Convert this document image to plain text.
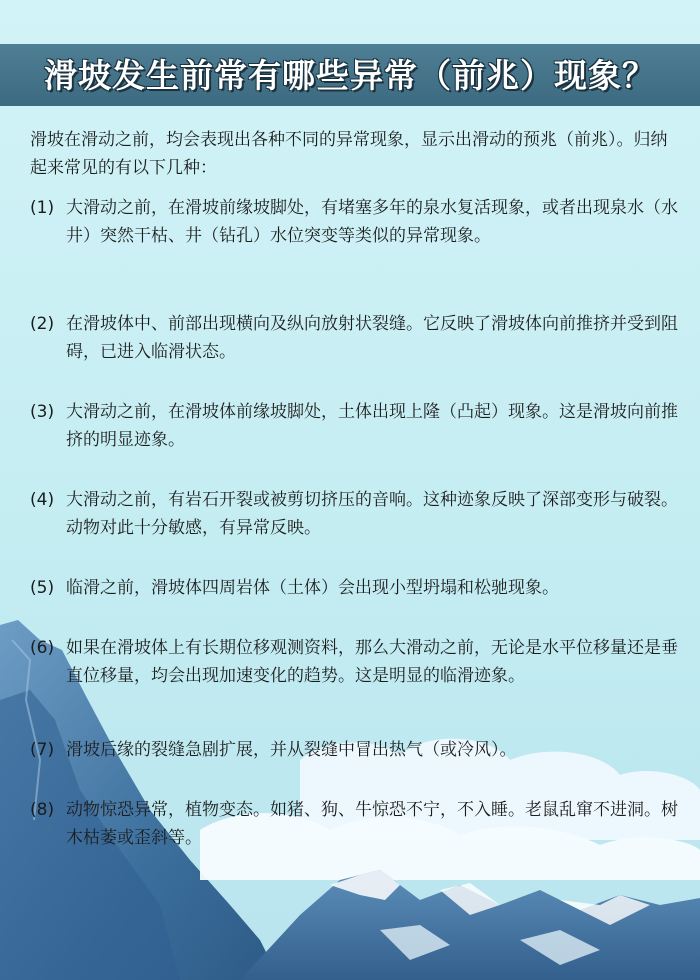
滑坡发生前常有哪些异常（前兆）现象？

滑坡在滑动之前，均会表现出各种不同的异常现象，显示出滑动的预兆（前兆）。归纳起来常见的有以下几种：

(1) 大滑动之前，在滑坡前缘坡脚处，有堵塞多年的泉水复活现象，或者出现泉水（水井）突然干枯、井（钻孔）水位突变等类似的异常现象。
(2) 在滑坡体中、前部出现横向及纵向放射状裂缝。它反映了滑坡体向前推挤并受到阻碍，已进入临滑状态。
(3) 大滑动之前，在滑坡体前缘坡脚处，土体出现上隆（凸起）现象。这是滑坡向前推挤的明显迹象。
(4) 大滑动之前，有岩石开裂或被剪切挤压的音响。这种迹象反映了深部变形与破裂。动物对此十分敏感，有异常反映。
(5) 临滑之前，滑坡体四周岩体（土体）会出现小型坍塌和松驰现象。
(6) 如果在滑坡体上有长期位移观测资料，那么大滑动之前，无论是水平位移量还是垂直位移量，均会出现加速变化的趋势。这是明显的临滑迹象。
(7) 滑坡后缘的裂缝急剧扩展，并从裂缝中冒出热气（或冷风）。
(8) 动物惊恐异常，植物变态。如猪、狗、牛惊恐不宁，不入睡。老鼠乱窜不进洞。树木枯萎或歪斜等。
